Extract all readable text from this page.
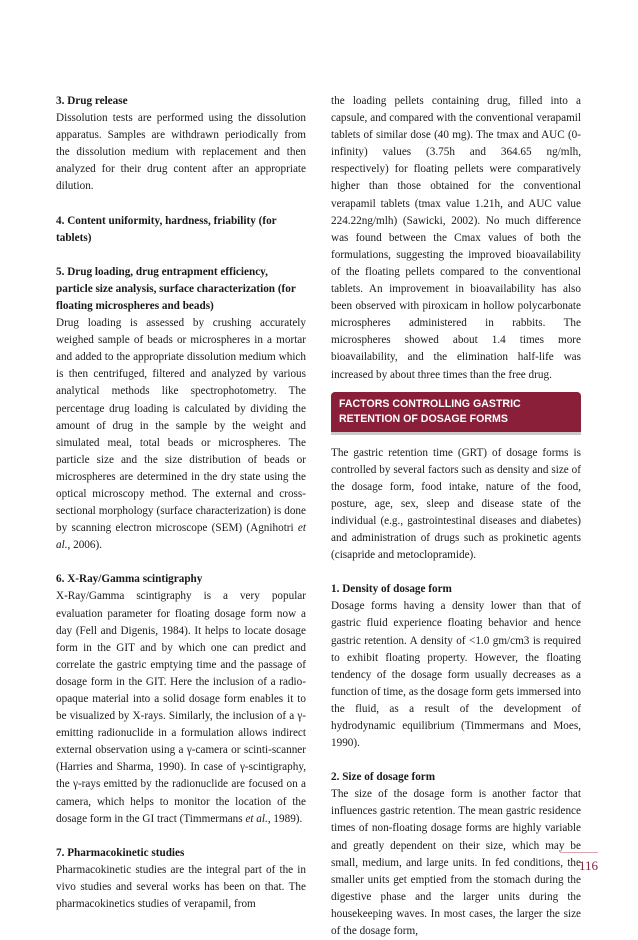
3. Drug release

Dissolution tests are performed using the dissolution apparatus. Samples are withdrawn periodically from the dissolution medium with replacement and then analyzed for their drug content after an appropriate dilution.

4. Content uniformity, hardness, friability (for tablets)
5. Drug loading, drug entrapment efficiency, particle size analysis, surface characterization (for floating microspheres and beads)

Drug loading is assessed by crushing accurately weighed sample of beads or microspheres in a mortar and added to the appropriate dissolution medium which is then centrifuged, filtered and analyzed by various analytical methods like spectrophotometry. The percentage drug loading is calculated by dividing the amount of drug in the sample by the weight and simulated meal, total beads or microspheres. The particle size and the size distribution of beads or microspheres are determined in the dry state using the optical microscopy method. The external and cross-sectional morphology (surface characterization) is done by scanning electron microscope (SEM) (Agnihotri et al., 2006).

6. X-Ray/Gamma scintigraphy

X-Ray/Gamma scintigraphy is a very popular evaluation parameter for floating dosage form now a day (Fell and Digenis, 1984). It helps to locate dosage form in the GIT and by which one can predict and correlate the gastric emptying time and the passage of dosage form in the GIT. Here the inclusion of a radio-opaque material into a solid dosage form enables it to be visualized by X-rays. Similarly, the inclusion of a γ-emitting radionuclide in a formulation allows indirect external observation using a γ-camera or scinti-scanner (Harries and Sharma, 1990). In case of γ-scintigraphy, the γ-rays emitted by the radionuclide are focused on a camera, which helps to monitor the location of the dosage form in the GI tract (Timmermans et al., 1989).

7. Pharmacokinetic studies

Pharmacokinetic studies are the integral part of the in vivo studies and several works has been on that. The pharmacokinetics studies of verapamil, from

the loading pellets containing drug, filled into a capsule, and compared with the conventional verapamil tablets of similar dose (40 mg). The tmax and AUC (0-infinity) values (3.75h and 364.65 ng/mlh, respectively) for floating pellets were comparatively higher than those obtained for the conventional verapamil tablets (tmax value 1.21h, and AUC value 224.22ng/mlh) (Sawicki, 2002). No much difference was found between the Cmax values of both the formulations, suggesting the improved bioavailability of the floating pellets compared to the conventional tablets. An improvement in bioavailability has also been observed with piroxicam in hollow polycarbonate microspheres administered in rabbits. The microspheres showed about 1.4 times more bioavailability, and the elimination half-life was increased by about three times than the free drug.

FACTORS CONTROLLING GASTRIC RETENTION OF DOSAGE FORMS

The gastric retention time (GRT) of dosage forms is controlled by several factors such as density and size of the dosage form, food intake, nature of the food, posture, age, sex, sleep and disease state of the individual (e.g., gastrointestinal diseases and diabetes) and administration of drugs such as prokinetic agents (cisapride and metoclopramide).

1. Density of dosage form

Dosage forms having a density lower than that of gastric fluid experience floating behavior and hence gastric retention. A density of <1.0 gm/cm3 is required to exhibit floating property. However, the floating tendency of the dosage form usually decreases as a function of time, as the dosage form gets immersed into the fluid, as a result of the development of hydrodynamic equilibrium (Timmermans and Moes, 1990).

2. Size of dosage form

The size of the dosage form is another factor that influences gastric retention. The mean gastric residence times of non-floating dosage forms are highly variable and greatly dependent on their size, which may be small, medium, and large units. In fed conditions, the smaller units get emptied from the stomach during the digestive phase and the larger units during the housekeeping waves. In most cases, the larger the size of the dosage form,

116
